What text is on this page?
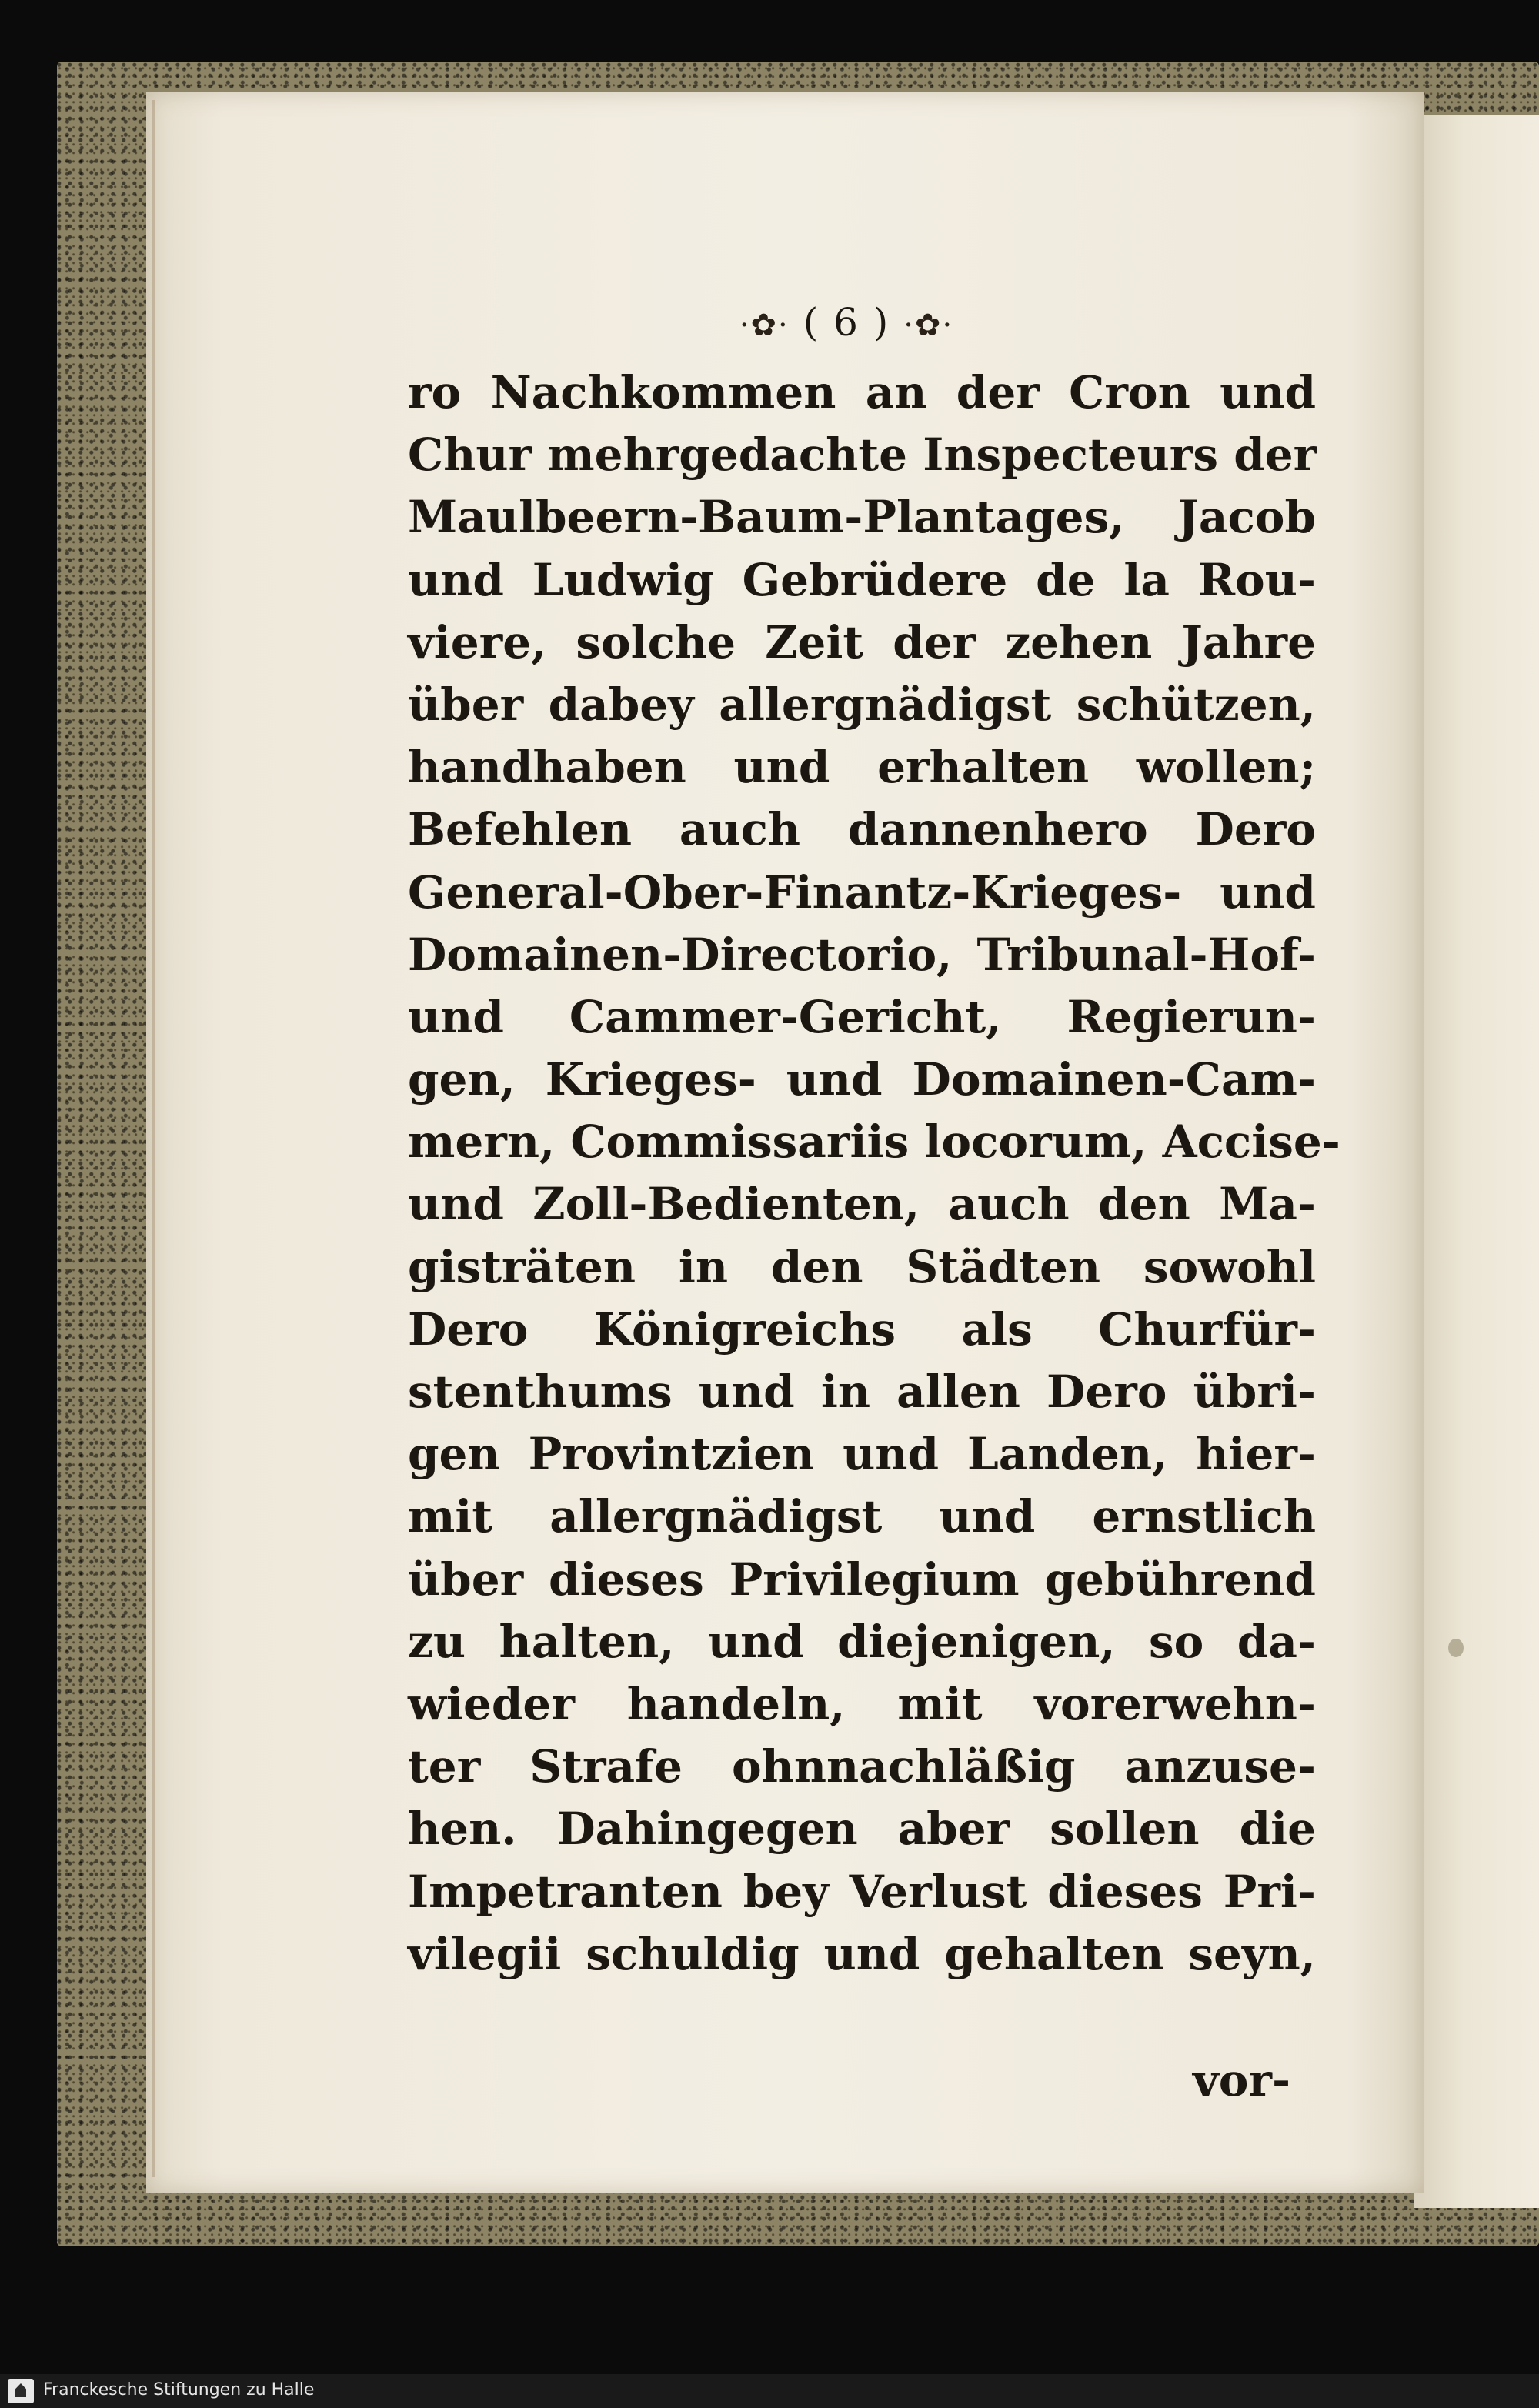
·✿· ( 6 ) ·✿·
ro Nachkommen an der Cron und
Chur mehrgedachte Inspecteurs der
Maulbeern-Baum-Plantages, Jacob
und Ludwig Gebrüdere de la Rou-
viere, solche Zeit der zehen Jahre
über dabey allergnädigst schützen,
handhaben und erhalten wollen;
Befehlen auch dannenhero Dero
General-Ober-Finantz-Krieges- und
Domainen-Directorio, Tribunal-Hof-
und Cammer-Gericht, Regierun-
gen, Krieges- und Domainen-Cam-
mern, Commissariis locorum, Accise-
und Zoll-Bedienten, auch den Ma-
gisträten in den Städten sowohl
Dero Königreichs als Churfür-
stenthums und in allen Dero übri-
gen Provintzien und Landen, hier-
mit allergnädigst und ernstlich
über dieses Privilegium gebührend
zu halten, und diejenigen, so da-
wieder handeln, mit vorerwehn-
ter Strafe ohnnachläßig anzuse-
hen. Dahingegen aber sollen die
Impetranten bey Verlust dieses Pri-
vilegii schuldig und gehalten seyn,
vor-
Franckesche Stiftungen zu Halle
